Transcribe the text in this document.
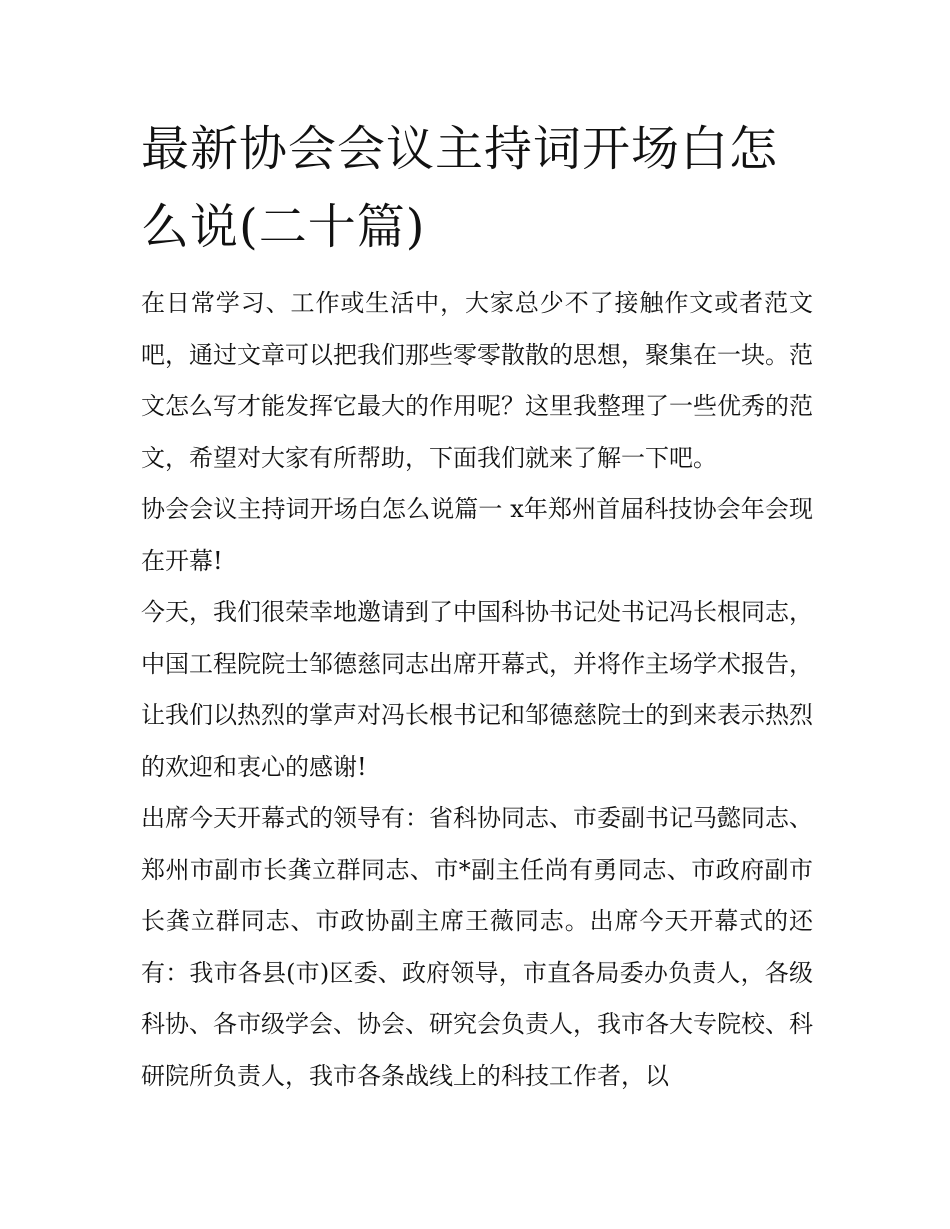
最新协会会议主持词开场白怎么说(二十篇)

在日常学习、工作或生活中，大家总少不了接触作文或者范文吧，通过文章可以把我们那些零零散散的思想，聚集在一块。范文怎么写才能发挥它最大的作用呢？这里我整理了一些优秀的范文，希望对大家有所帮助，下面我们就来了解一下吧。

协会会议主持词开场白怎么说篇一 x年郑州首届科技协会年会现在开幕!

今天，我们很荣幸地邀请到了中国科协书记处书记冯长根同志，中国工程院院士邹德慈同志出席开幕式，并将作主场学术报告，让我们以热烈的掌声对冯长根书记和邹德慈院士的到来表示热烈的欢迎和衷心的感谢!

出席今天开幕式的领导有：省科协同志、市委副书记马懿同志、郑州市副市长龚立群同志、市*副主任尚有勇同志、市政府副市长龚立群同志、市政协副主席王薇同志。出席今天开幕式的还有：我市各县(市)区委、政府领导，市直各局委办负责人，各级科协、各市级学会、协会、研究会负责人，我市各大专院校、科研院所负责人，我市各条战线上的科技工作者，以
